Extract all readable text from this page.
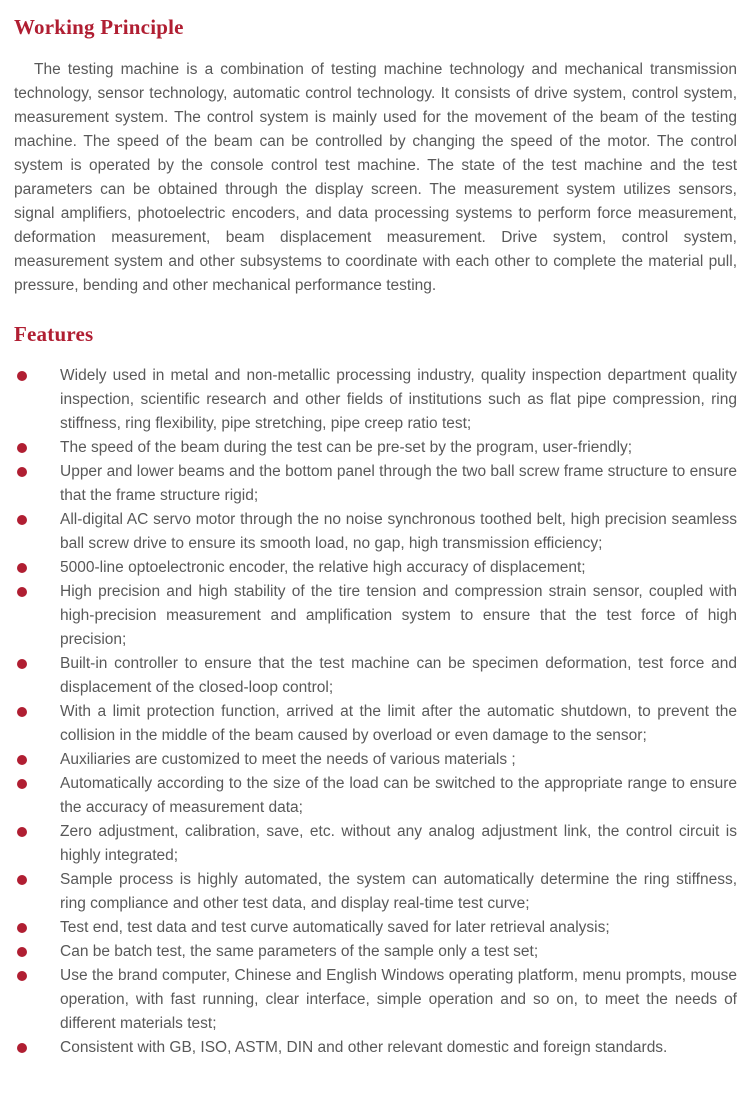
Working Principle

The testing machine is a combination of testing machine technology and mechanical transmission technology, sensor technology, automatic control technology. It consists of drive system, control system, measurement system. The control system is mainly used for the movement of the beam of the testing machine. The speed of the beam can be controlled by changing the speed of the motor. The control system is operated by the console control test machine. The state of the test machine and the test parameters can be obtained through the display screen. The measurement system utilizes sensors, signal amplifiers, photoelectric encoders, and data processing systems to perform force measurement, deformation measurement, beam displacement measurement. Drive system, control system, measurement system and other subsystems to coordinate with each other to complete the material pull, pressure, bending and other mechanical performance testing.

Features
Widely used in metal and non-metallic processing industry, quality inspection department quality inspection, scientific research and other fields of institutions such as flat pipe compression, ring stiffness, ring flexibility, pipe stretching, pipe creep ratio test;
The speed of the beam during the test can be pre-set by the program, user-friendly;
Upper and lower beams and the bottom panel through the two ball screw frame structure to ensure that the frame structure rigid;
All-digital AC servo motor through the no noise synchronous toothed belt, high precision seamless ball screw drive to ensure its smooth load, no gap, high transmission efficiency;
5000-line optoelectronic encoder, the relative high accuracy of displacement;
High precision and high stability of the tire tension and compression strain sensor, coupled with high-precision measurement and amplification system to ensure that the test force of high precision;
Built-in controller to ensure that the test machine can be specimen deformation, test force and displacement of the closed-loop control;
With a limit protection function, arrived at the limit after the automatic shutdown, to prevent the collision in the middle of the beam caused by overload or even damage to the sensor;
Auxiliaries are customized to meet the needs of various materials ;
Automatically according to the size of the load can be switched to the appropriate range to ensure the accuracy of measurement data;
Zero adjustment, calibration, save, etc. without any analog adjustment link, the control circuit is highly integrated;
Sample process is highly automated, the system can automatically determine the ring stiffness, ring compliance and other test data, and display real-time test curve;
Test end, test data and test curve automatically saved for later retrieval analysis;
Can be batch test, the same parameters of the sample only a test set;
Use the brand computer, Chinese and English Windows operating platform, menu prompts, mouse operation, with fast running, clear interface, simple operation and so on, to meet the needs of different materials test;
Consistent with GB, ISO, ASTM, DIN and other relevant domestic and foreign standards.
